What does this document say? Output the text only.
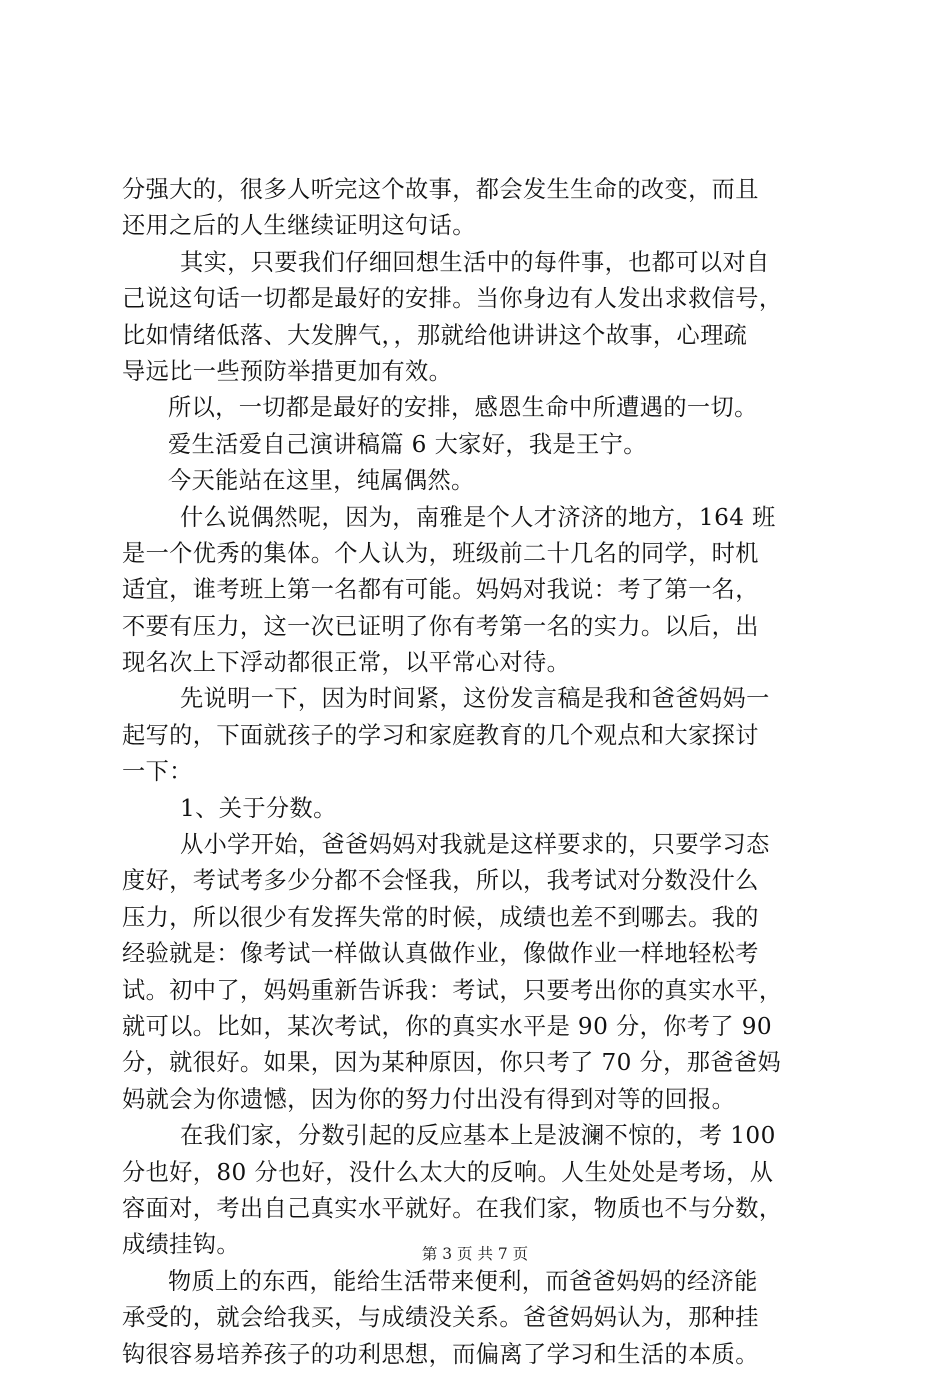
分强大的，很多人听完这个故事，都会发生生命的改变，而且
还用之后的人生继续证明这句话。
其实，只要我们仔细回想生活中的每件事，也都可以对自
己说这句话一切都是最好的安排。当你身边有人发出求救信号，
比如情绪低落、大发脾气，，那就给他讲讲这个故事，心理疏
导远比一些预防举措更加有效。
所以，一切都是最好的安排，感恩生命中所遭遇的一切。
爱生活爱自己演讲稿篇 6 大家好，我是王宁。
今天能站在这里，纯属偶然。
什么说偶然呢，因为，南雅是个人才济济的地方，164 班
是一个优秀的集体。个人认为，班级前二十几名的同学，时机
适宜，谁考班上第一名都有可能。妈妈对我说：考了第一名，
不要有压力，这一次已证明了你有考第一名的实力。以后，出
现名次上下浮动都很正常，以平常心对待。
先说明一下，因为时间紧，这份发言稿是我和爸爸妈妈一
起写的，下面就孩子的学习和家庭教育的几个观点和大家探讨
一下：
1、关于分数。
从小学开始，爸爸妈妈对我就是这样要求的，只要学习态
度好，考试考多少分都不会怪我，所以，我考试对分数没什么
压力，所以很少有发挥失常的时候，成绩也差不到哪去。我的
经验就是：像考试一样做认真做作业，像做作业一样地轻松考
试。初中了，妈妈重新告诉我：考试，只要考出你的真实水平，
就可以。比如，某次考试，你的真实水平是 90 分，你考了 90
分，就很好。如果，因为某种原因，你只考了 70 分，那爸爸妈
妈就会为你遗憾，因为你的努力付出没有得到对等的回报。
在我们家，分数引起的反应基本上是波澜不惊的，考 100
分也好，80 分也好，没什么太大的反响。人生处处是考场，从
容面对，考出自己真实水平就好。在我们家，物质也不与分数，
成绩挂钩。
物质上的东西，能给生活带来便利，而爸爸妈妈的经济能
承受的，就会给我买，与成绩没关系。爸爸妈妈认为，那种挂
钩很容易培养孩子的功利思想，而偏离了学习和生活的本质。
第 3 页 共 7 页
